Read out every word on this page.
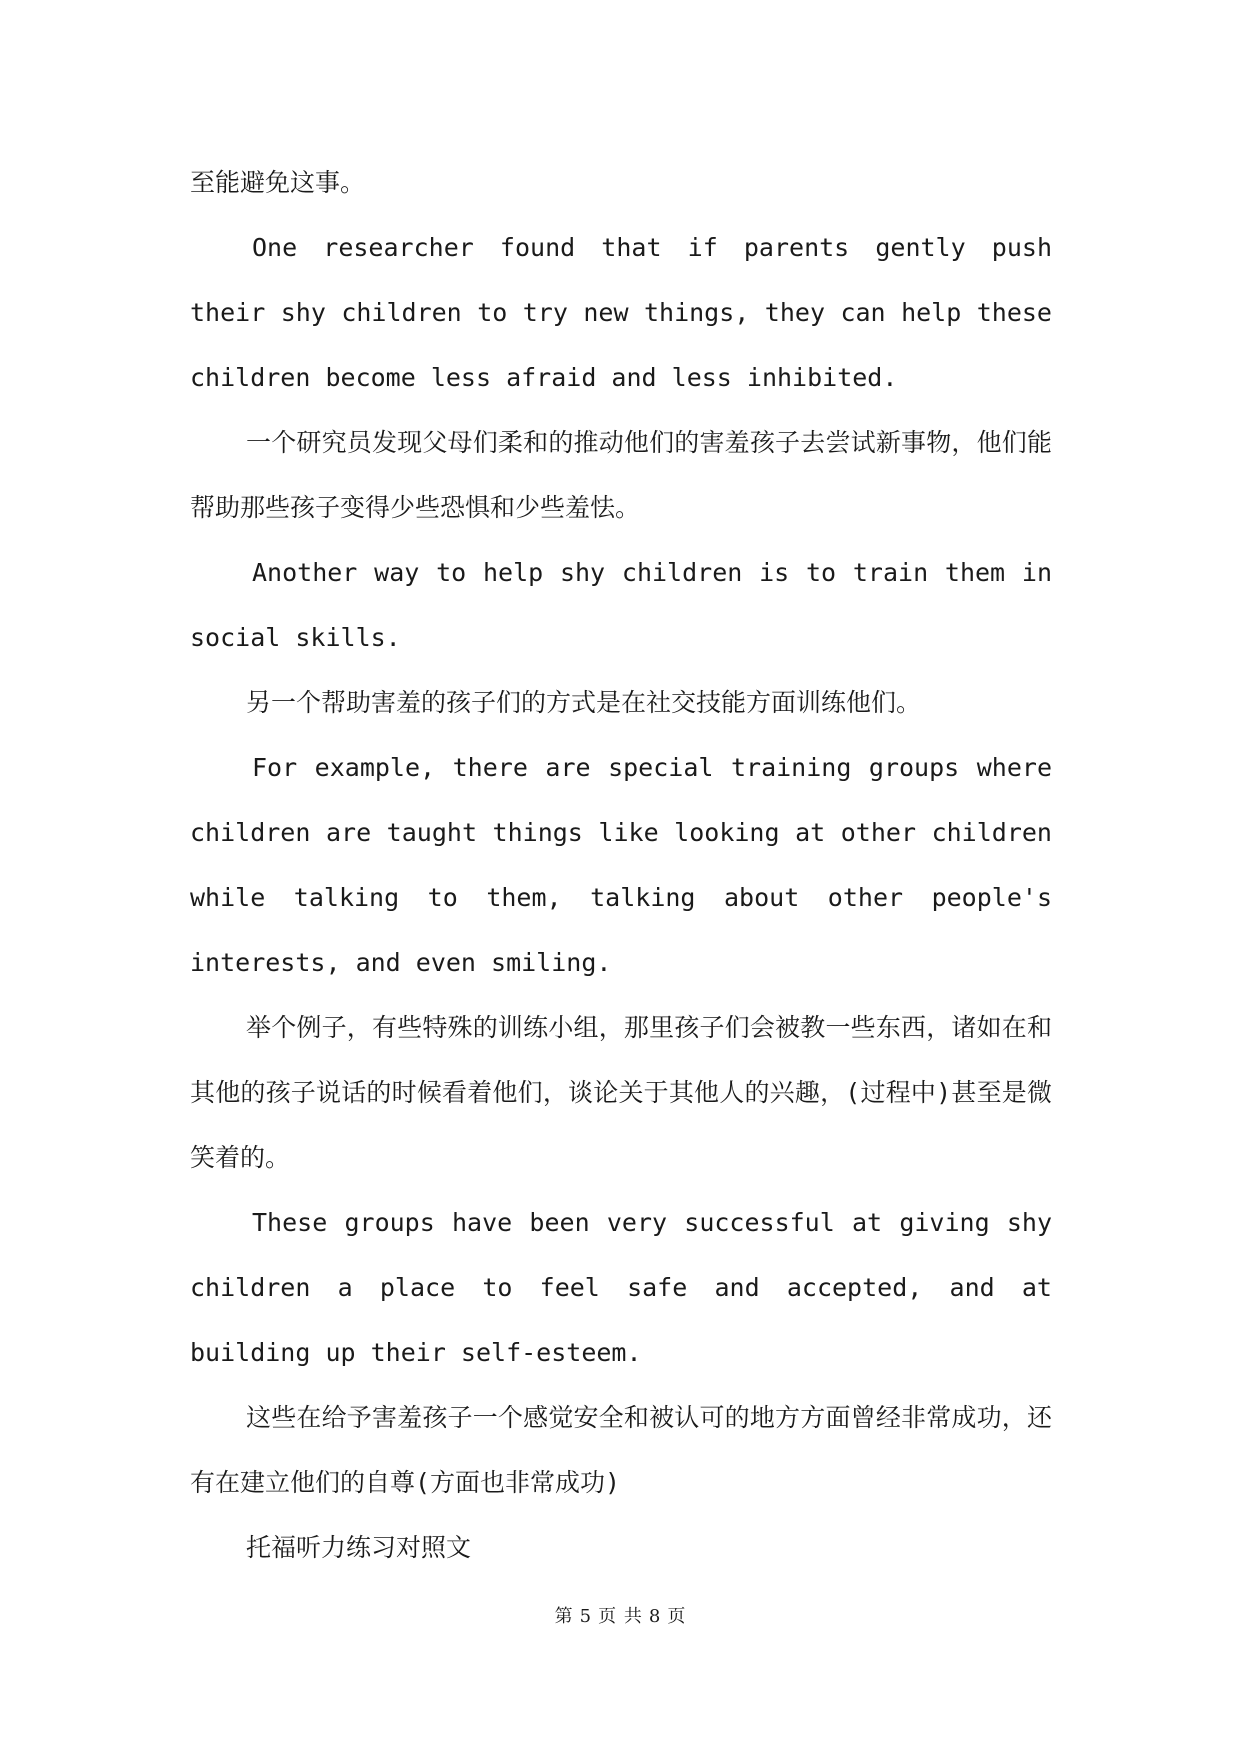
至能避免这事。

One researcher found that if parents gently push their shy children to try new things, they can help these children become less afraid and less inhibited.

一个研究员发现父母们柔和的推动他们的害羞孩子去尝试新事物，他们能帮助那些孩子变得少些恐惧和少些羞怯。

Another way to help shy children is to train them in social skills.

另一个帮助害羞的孩子们的方式是在社交技能方面训练他们。

For example, there are special training groups where children are taught things like looking at other children while talking to them, talking about other people's interests, and even smiling.

举个例子，有些特殊的训练小组，那里孩子们会被教一些东西，诸如在和其他的孩子说话的时候看着他们，谈论关于其他人的兴趣，(过程中)甚至是微笑着的。

These groups have been very successful at giving shy children a place to feel safe and accepted, and at building up their self-esteem.

这些在给予害羞孩子一个感觉安全和被认可的地方方面曾经非常成功，还有在建立他们的自尊(方面也非常成功)

托福听力练习对照文

第 5 页 共 8 页
